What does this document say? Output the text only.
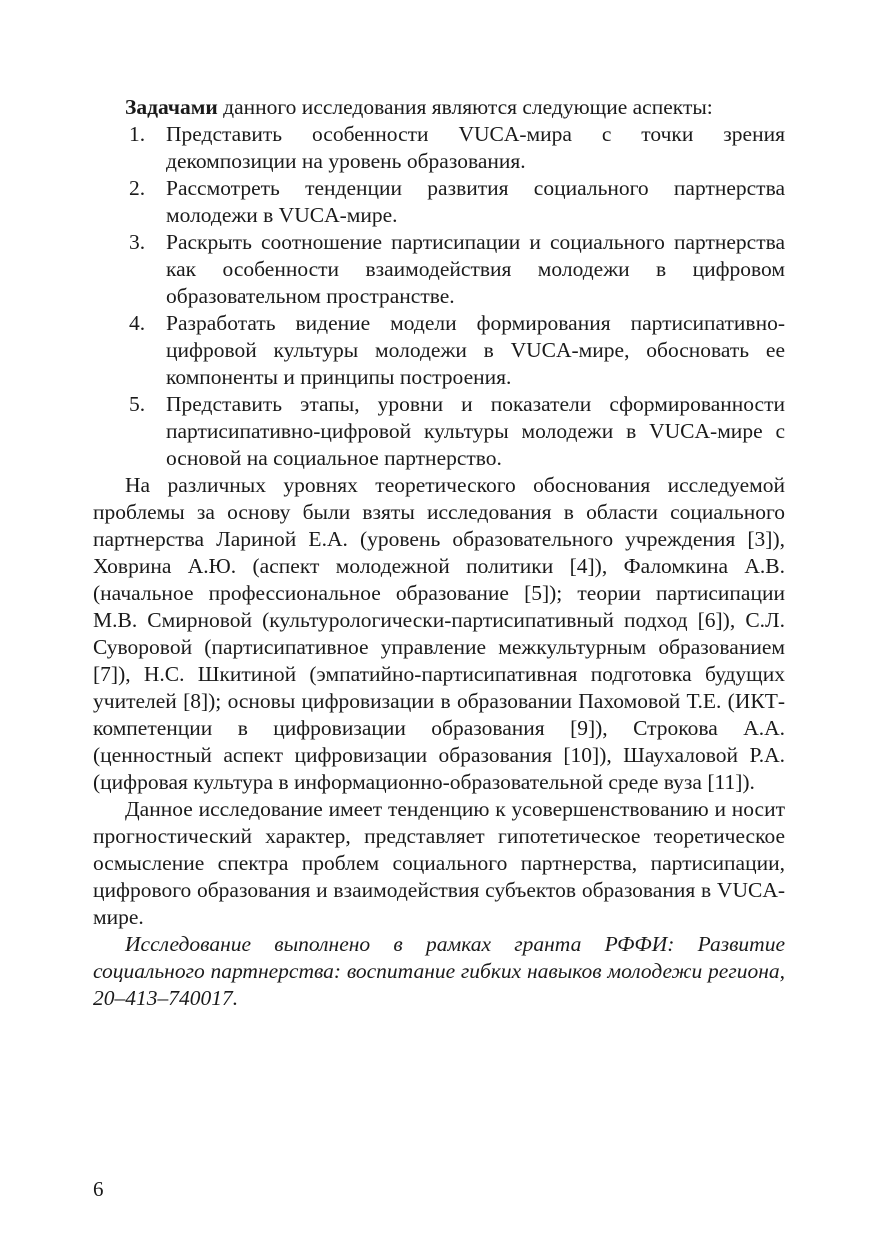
Задачами данного исследования являются следующие аспекты:

1. Представить особенности VUCA-мира с точки зрения декомпозиции на уровень образования.
2. Рассмотреть тенденции развития социального партнерства молодежи в VUCA-мире.
3. Раскрыть соотношение партисипации и социального партнерства как особенности взаимодействия молодежи в цифровом образовательном пространстве.
4. Разработать видение модели формирования партисипативно-цифровой культуры молодежи в VUCA-мире, обосновать ее компоненты и принципы построения.
5. Представить этапы, уровни и показатели сформированности партисипативно-цифровой культуры молодежи в VUCA-мире с основой на социальное партнерство.

На различных уровнях теоретического обоснования исследуемой проблемы за основу были взяты исследования в области социального партнерства Лариной Е.А. (уровень образовательного учреждения [3]), Ховрина А.Ю. (аспект молодежной политики [4]), Фаломкина А.В. (начальное профессиональное образование [5]); теории партисипации М.В. Смирновой (культурологически-партисипативный подход [6]), С.Л. Суворовой (партисипативное управление межкультурным образованием [7]), Н.С. Шкитиной (эмпатийно-партисипативная подготовка будущих учителей [8]); основы цифровизации в образовании Пахомовой Т.Е. (ИКТ-компетенции в цифровизации образования [9]), Строкова А.А. (ценностный аспект цифровизации образования [10]), Шаухаловой Р.А. (цифровая культура в информационно-образовательной среде вуза [11]).

Данное исследование имеет тенденцию к усовершенствованию и носит прогностический характер, представляет гипотетическое теоретическое осмысление спектра проблем социального партнерства, партисипации, цифрового образования и взаимодействия субъектов образования в VUCA-мире.

Исследование выполнено в рамках гранта РФФИ: Развитие социального партнерства: воспитание гибких навыков молодежи региона, 20–413–740017.

6
